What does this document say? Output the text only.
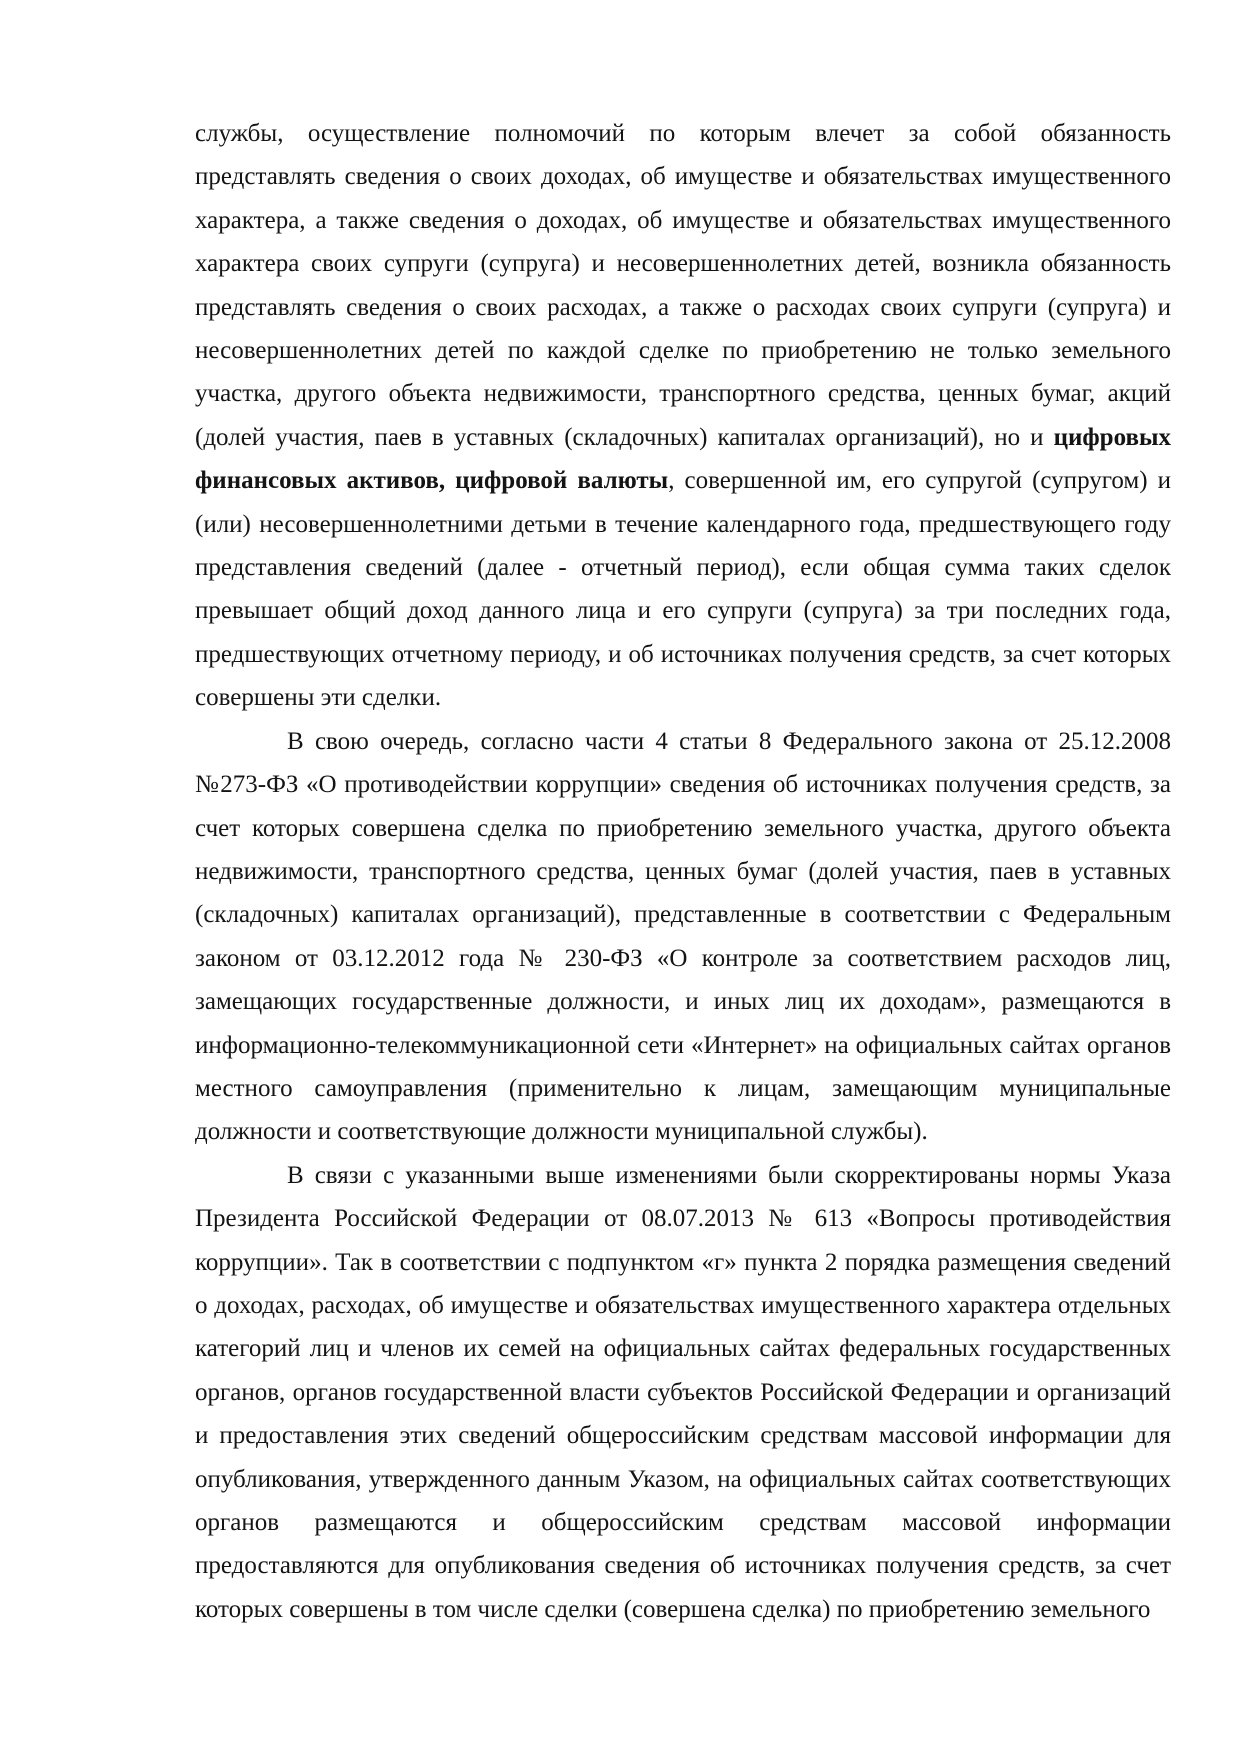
службы, осуществление полномочий по которым влечет за собой обязанность представлять сведения о своих доходах, об имуществе и обязательствах имущественного характера, а также сведения о доходах, об имуществе и обязательствах имущественного характера своих супруги (супруга) и несовершеннолетних детей, возникла обязанность представлять сведения о своих расходах, а также о расходах своих супруги (супруга) и несовершеннолетних детей по каждой сделке по приобретению не только земельного участка, другого объекта недвижимости, транспортного средства, ценных бумаг, акций (долей участия, паев в уставных (складочных) капиталах организаций), но и цифровых финансовых активов, цифровой валюты, совершенной им, его супругой (супругом) и (или) несовершеннолетними детьми в течение календарного года, предшествующего году представления сведений (далее - отчетный период), если общая сумма таких сделок превышает общий доход данного лица и его супруги (супруга) за три последних года, предшествующих отчетному периоду, и об источниках получения средств, за счет которых совершены эти сделки.

В свою очередь, согласно части 4 статьи 8 Федерального закона от 25.12.2008 №273-ФЗ «О противодействии коррупции» сведения об источниках получения средств, за счет которых совершена сделка по приобретению земельного участка, другого объекта недвижимости, транспортного средства, ценных бумаг (долей участия, паев в уставных (складочных) капиталах организаций), представленные в соответствии с Федеральным законом от 03.12.2012 года № 230-ФЗ «О контроле за соответствием расходов лиц, замещающих государственные должности, и иных лиц их доходам», размещаются в информационно-телекоммуникационной сети «Интернет» на официальных сайтах органов местного самоуправления (применительно к лицам, замещающим муниципальные должности и соответствующие должности муниципальной службы).

В связи с указанными выше изменениями были скорректированы нормы Указа Президента Российской Федерации от 08.07.2013 № 613 «Вопросы противодействия коррупции». Так в соответствии с подпунктом «г» пункта 2 порядка размещения сведений о доходах, расходах, об имуществе и обязательствах имущественного характера отдельных категорий лиц и членов их семей на официальных сайтах федеральных государственных органов, органов государственной власти субъектов Российской Федерации и организаций и предоставления этих сведений общероссийским средствам массовой информации для опубликования, утвержденного данным Указом, на официальных сайтах соответствующих органов размещаются и общероссийским средствам массовой информации предоставляются для опубликования сведения об источниках получения средств, за счет которых совершены в том числе сделки (совершена сделка) по приобретению земельного
